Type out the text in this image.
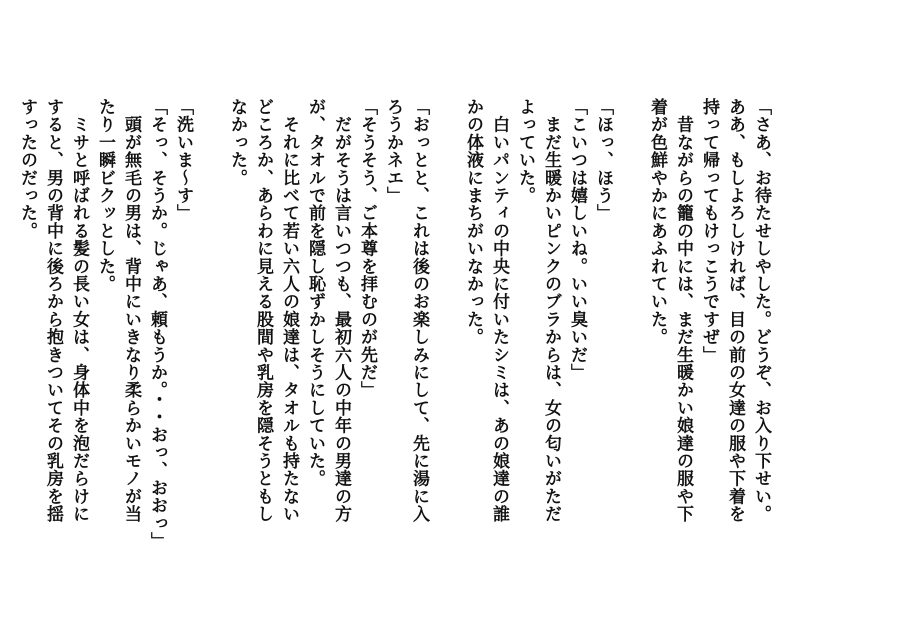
「さあ、お待たせしやした。どうぞ、お入り下せい。
ああ、もしよろしければ、目の前の女達の服や下着を
持って帰ってもけっこうですぜ」
　昔ながらの籠の中には、まだ生暖かい娘達の服や下
着が色鮮やかにあふれていた。
「ほっ、ほう」
「こいつは嬉しいね。いい臭いだ」
　まだ生暖かいピンクのブラからは、女の匂いがただ
よっていた。
　白いパンティの中央に付いたシミは、あの娘達の誰
かの体液にまちがいなかった。
「おっとと、これは後のお楽しみにして、先に湯に入
ろうかネエ」
「そうそう、ご本尊を拝むのが先だ」
　だがそうは言いつつも、最初六人の中年の男達の方
が、タオルで前を隠し恥ずかしそうにしていた。
　それに比べて若い六人の娘達は、タオルも持たない
どころか、あらわに見える股間や乳房を隠そうともし
なかった。
「洗いま〜す」
「そっ、そうか。じゃあ、頼もうか。・・おっ、おおっ」
　頭が無毛の男は、背中にいきなり柔らかいモノが当
たり一瞬ビクッとした。
　ミサと呼ばれる髪の長い女は、身体中を泡だらけに
すると、男の背中に後ろから抱きついてその乳房を揺
すったのだった。
